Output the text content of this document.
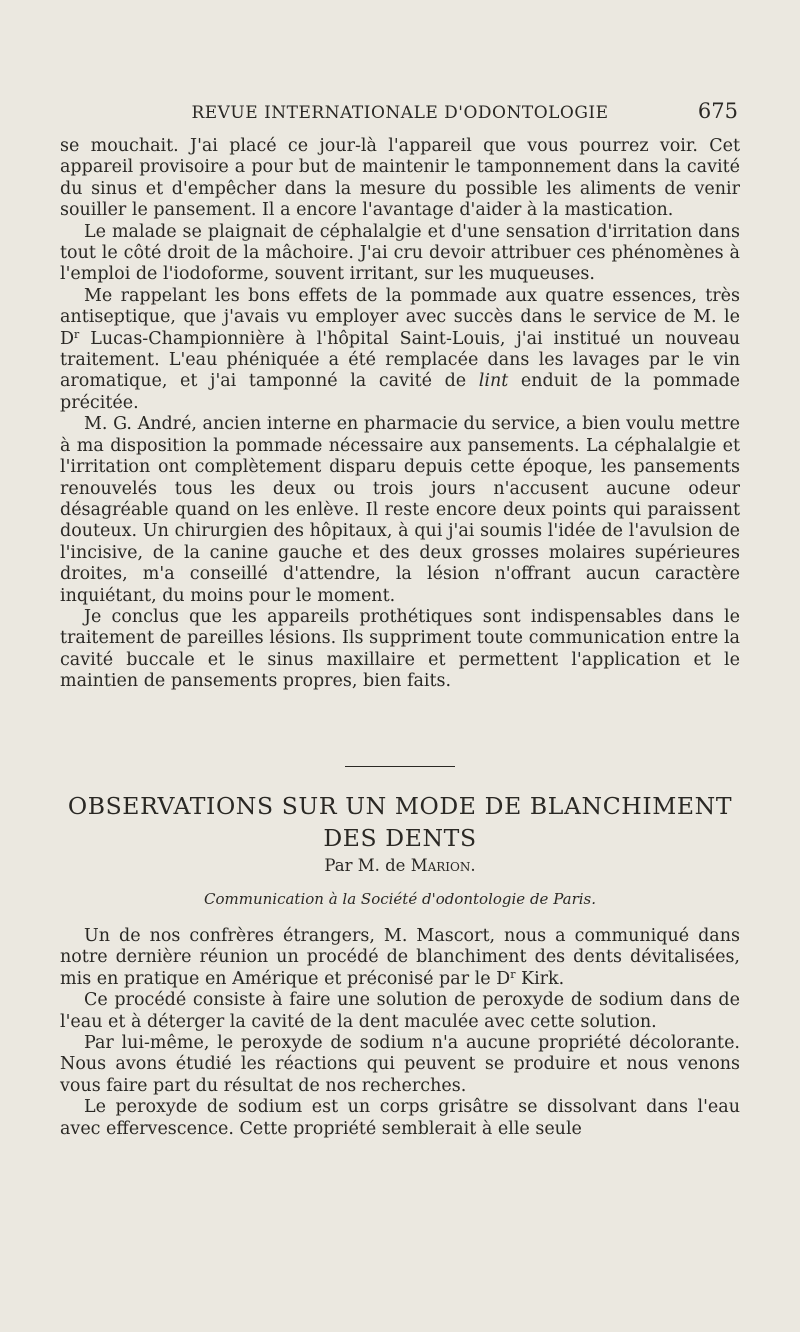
REVUE INTERNATIONALE D'ODONTOLOGIE	675

se mouchait. J'ai placé ce jour-là l'appareil que vous pourrez voir. Cet appareil provisoire a pour but de maintenir le tamponnement dans la cavité du sinus et d'empêcher dans la mesure du possible les aliments de venir souiller le pansement. Il a encore l'avantage d'aider à la mastication.

Le malade se plaignait de céphalalgie et d'une sensation d'irritation dans tout le côté droit de la mâchoire. J'ai cru devoir attribuer ces phénomènes à l'emploi de l'iodoforme, souvent irritant, sur les muqueuses.

Me rappelant les bons effets de la pommade aux quatre essences, très antiseptique, que j'avais vu employer avec succès dans le service de M. le $D^r$ Lucas-Championnière à l'hôpital Saint-Louis, j'ai institué un nouveau traitement. L'eau phéniquée a été remplacée dans les lavages par le vin aromatique, et j'ai tamponné la cavité de lint enduit de la pommade précitée.

M. G. André, ancien interne en pharmacie du service, a bien voulu mettre à ma disposition la pommade nécessaire aux pansements. La céphalalgie et l'irritation ont complètement disparu depuis cette époque, les pansements renouvelés tous les deux ou trois jours n'accusent aucune odeur désagréable quand on les enlève. Il reste encore deux points qui paraissent douteux. Un chirurgien des hôpitaux, à qui j'ai soumis l'idée de l'avulsion de l'incisive, de la canine gauche et des deux grosses molaires supérieures droites, m'a conseillé d'attendre, la lésion n'offrant aucun caractère inquiétant, du moins pour le moment.

Je conclus que les appareils prothétiques sont indispensables dans le traitement de pareilles lésions. Ils suppriment toute communication entre la cavité buccale et le sinus maxillaire et permettent l'application et le maintien de pansements propres, bien faits.

OBSERVATIONS SUR UN MODE DE BLANCHIMENT
DES DENTS
Par M. de Marion.
Communication à la Société d'odontologie de Paris.

Un de nos confrères étrangers, M. Mascort, nous a communiqué dans notre dernière réunion un procédé de blanchiment des dents dévitalisées, mis en pratique en Amérique et préconisé par le $D^r$ Kirk.

Ce procédé consiste à faire une solution de peroxyde de sodium dans de l'eau et à déterger la cavité de la dent maculée avec cette solution.

Par lui-même, le peroxyde de sodium n'a aucune propriété décolorante. Nous avons étudié les réactions qui peuvent se produire et nous venons vous faire part du résultat de nos recherches.

Le peroxyde de sodium est un corps grisâtre se dissolvant dans l'eau avec effervescence. Cette propriété semblerait à elle seule
